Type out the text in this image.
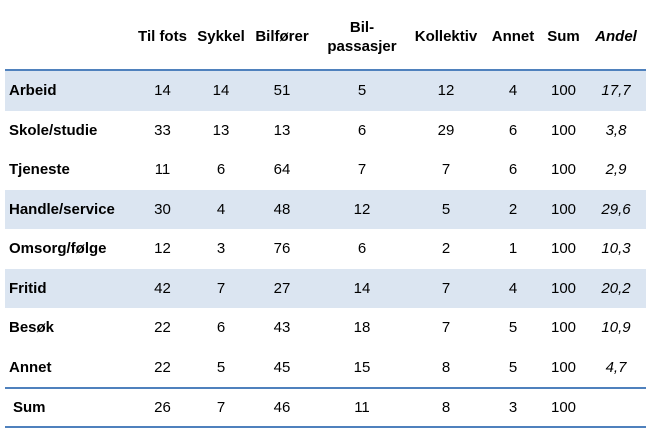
	Til fots	Sykkel	Bilfører	Bil-
passasjer	Kollektiv	Annet	Sum	Andel
Arbeid	14	14	51	5	12	4	100	17,7
Skole/studie	33	13	13	6	29	6	100	3,8
Tjeneste	11	6	64	7	7	6	100	2,9
Handle/service	30	4	48	12	5	2	100	29,6
Omsorg/følge	12	3	76	6	2	1	100	10,3
Fritid	42	7	27	14	7	4	100	20,2
Besøk	22	6	43	18	7	5	100	10,9
Annet	22	5	45	15	8	5	100	4,7
Sum	26	7	46	11	8	3	100	
